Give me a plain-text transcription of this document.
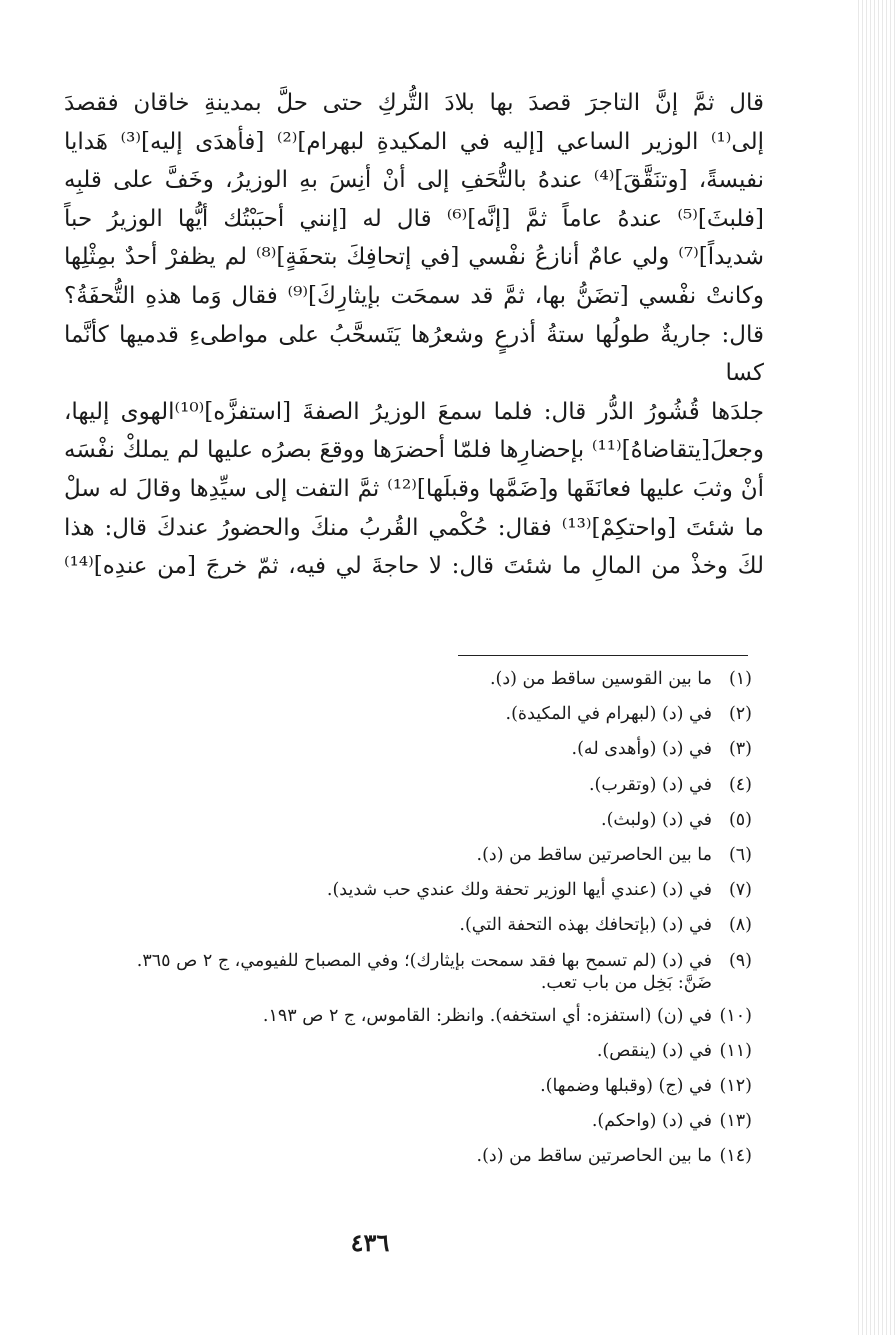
قال ثمَّ إنَّ التاجرَ قصدَ بها بلادَ التُّركِ حتى حلَّ بمدينةِ خاقان فقصدَ

إلى⁽¹⁾ الوزير الساعي [إليه في المكيدةِ لبهرام]⁽²⁾ [فأهدَى إليه]⁽³⁾ هَدايا

نفيسةً، [وتنَقَّقَ]⁽⁴⁾ عندهُ بالتُّحَفِ إلى أنْ أنِسَ بهِ الوزيرُ، وخَفَّ على قلبِه

[فلبثَ]⁽⁵⁾ عندهُ عاماً ثمَّ [إنَّه]⁽⁶⁾ قال له [إنني أحبَبْتُك أيُّها الوزيرُ حباً

شديداً]⁽⁷⁾ ولي عامٌ أنازعُ نفْسي [في إتحافِكَ بتحفَةٍ]⁽⁸⁾ لم يظفرْ أحدٌ بمِثْلِها

وكانتْ نفْسي [تضَنُّ بها، ثمَّ قد سمحَت بإيثارِكَ]⁽⁹⁾ فقال وَما هذهِ التُّحفَةُ؟

قال: جاريةٌ طولُها ستةُ أذرعٍ وشعرُها يَتَسحَّبُ على مواطىءِ قدميها كأنَّما كسا

جلدَها قُشُورُ الدُّر قال: فلما سمعَ الوزيرُ الصفةَ [استفزَّه]⁽¹⁰⁾الهوى إليها،

وجعلَ[يتقاضاهُ]⁽¹¹⁾ بإحضارِها فلمّا أحضرَها ووقعَ بصرُه عليها لم يملكْ نفْسَه

أنْ وثبَ عليها فعانَقَها و[ضَمَّها وقبلَها]⁽¹²⁾ ثمَّ التفت إلى سيِّدِها وقالَ له سلْ

ما شئتَ [واحتكِمْ]⁽¹³⁾ فقال: حُكْمي القُربُ منكَ والحضورُ عندكَ قال: هذا

لكَ وخذْ من المالِ ما شئتَ قال: لا حاجةَ لي فيه، ثمّ خرجَ [من عندِه]⁽¹⁴⁾

(١)ما بين القوسين ساقط من (د).
(٢)في (د) (لبهرام في المكيدة).
(٣)في (د) (وأهدى له).
(٤)في (د) (وتقرب).
(٥)في (د) (ولبث).
(٦)ما بين الحاصرتين ساقط من (د).
(٧)في (د) (عندي أيها الوزير تحفة ولك عندي حب شديد).
(٨)في (د) (بإتحافك بهذه التحفة التي).
(٩)في (د) (لم تسمح بها فقد سمحت بإيثارك)؛ وفي المصباح للفيومي، ج ٢ ص ٣٦٥.
ضَنَّ: بَخِل من باب تعب.
(١٠)في (ن) (استفزه: أي استخفه). وانظر: القاموس، ج ٢ ص ١٩٣.
(١١)في (د) (ينقص).
(١٢)في (ج) (وقبلها وضمها).
(١٣)في (د) (واحكم).
(١٤)ما بين الحاصرتين ساقط من (د).
٤٣٦
